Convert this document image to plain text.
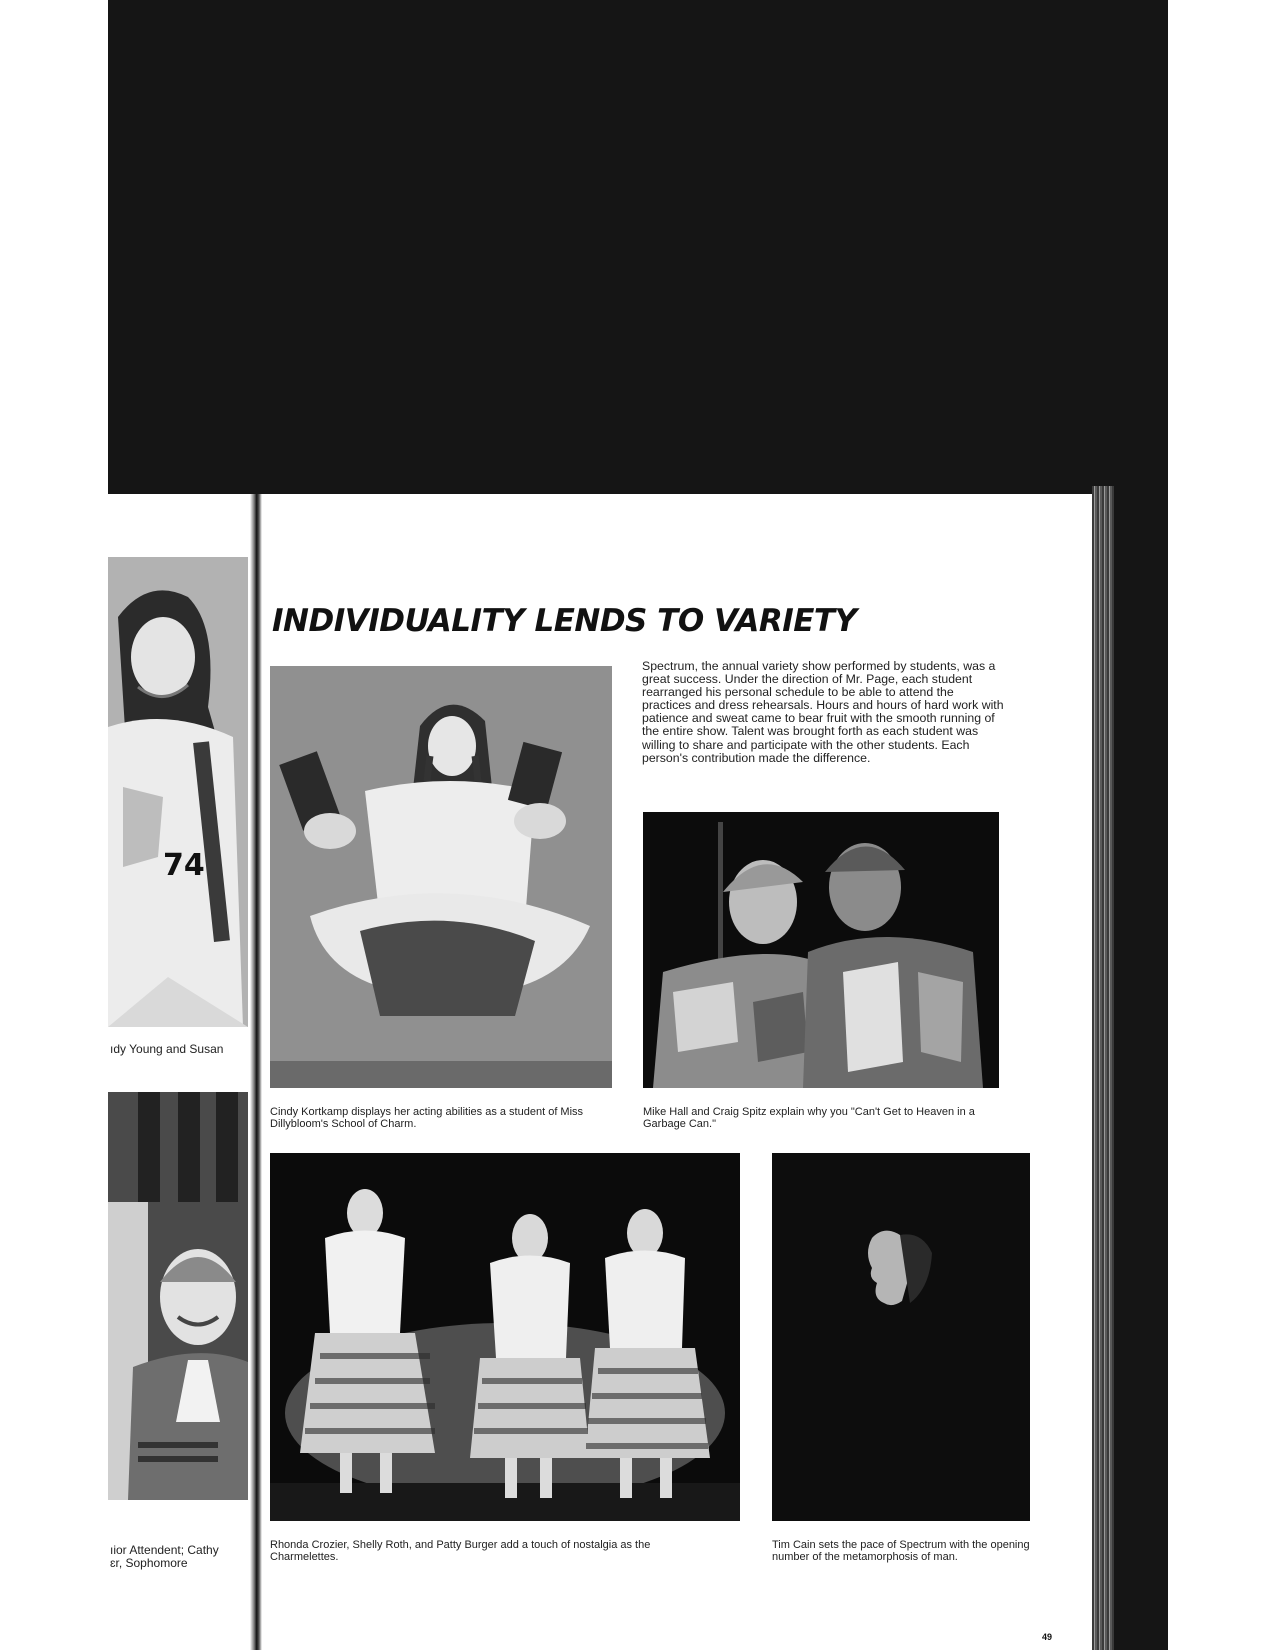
74
ıdy Young and Susan
ıior Attendent; Cathy
ɛr, Sophomore
INDIVIDUALITY LENDS TO VARIETY
Cindy Kortkamp displays her acting abilities as a student of Miss Dillybloom's School of Charm.
Spectrum, the annual variety show performed by students, was a great success. Under the direction of Mr. Page, each student rearranged his personal schedule to be able to attend the practices and dress rehearsals. Hours and hours of hard work with patience and sweat came to bear fruit with the smooth running of the entire show. Talent was brought forth as each student was willing to share and participate with the other students. Each person's contribution made the difference.
Mike Hall and Craig Spitz explain why you "Can't Get to Heaven in a Garbage Can."
Rhonda Crozier, Shelly Roth, and Patty Burger add a touch of nostalgia as the Charmelettes.
Tim Cain sets the pace of Spectrum with the opening number of the metamorphosis of man.
49
